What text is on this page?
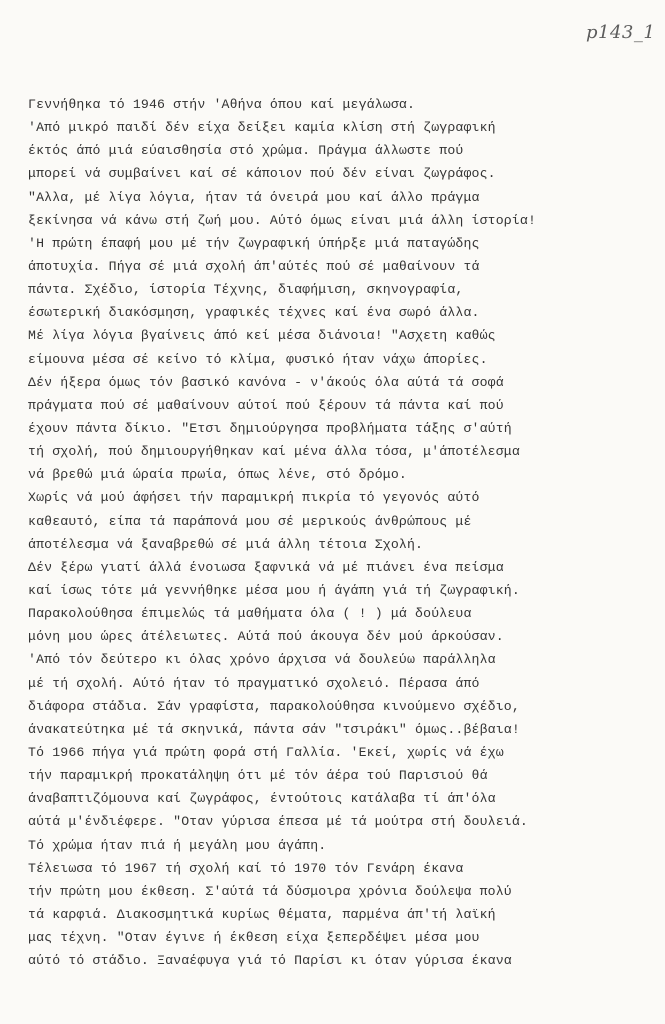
p143_1
Γεννήθηκα τό 1946 στήν 'Αθήνα όπου καί μεγάλωσα.
'Από μικρό παιδί δέν είχα δείξει καμία κλίση στή ζωγραφική
έκτός άπό μιά εύαισθησία στό χρώμα. Πράγμα άλλωστε πού
μπορεί νά συμβαίνει καί σέ κάποιον πού δέν είναι ζωγράφος.
"Αλλα, μέ λίγα λόγια, ήταν τά όνειρά μου καί άλλο πράγμα
ξεκίνησα νά κάνω στή ζωή μου. Αύτό όμως είναι μιά άλλη ίστορία!
'Η πρώτη έπαφή μου μέ τήν ζωγραφική ύπήρξε μιά παταγώδης
άποτυχία. Πήγα σέ μιά σχολή άπ'αύτές πού σέ μαθαίνουν τά
πάντα. Σχέδιο, ίστορία Τέχνης, διαφήμιση, σκηνογραφία,
έσωτερική διακόσμηση, γραφικές τέχνες καί ένα σωρό άλλα.
Μέ λίγα λόγια βγαίνεις άπό κεί μέσα διάνοια! "Ασχετη καθώς
είμουνα μέσα σέ κείνο τό κλίμα, φυσικό ήταν νάχω άπορίες.
Δέν ήξερα όμως τόν βασικό κανόνα - ν'άκούς όλα αύτά τά σοφά
πράγματα πού σέ μαθαίνουν αύτοί πού ξέρουν τά πάντα καί πού
έχουν πάντα δίκιο. "Ετσι δημιούργησα προβλήματα τάξης σ'αύτή
τή σχολή, πού δημιουργήθηκαν καί μένα άλλα τόσα, μ'άποτέλεσμα
νά βρεθώ μιά ώραία πρωία, όπως λένε, στό δρόμο.
Χωρίς νά μού άφήσει τήν παραμικρή πικρία τό γεγονός αύτό
καθεαυτό, είπα τά παράπονά μου σέ μερικούς άνθρώπους μέ
άποτέλεσμα νά ξαναβρεθώ σέ μιά άλλη τέτοια Σχολή.
Δέν ξέρω γιατί άλλά ένοιωσα ξαφνικά νά μέ πιάνει ένα πείσμα
καί ίσως τότε μά γεννήθηκε μέσα μου ή άγάπη γιά τή ζωγραφική.
Παρακολούθησα έπιμελώς τά μαθήματα όλα ( ! ) μά δούλευα
μόνη μου ώρες άτέλειωτες. Αύτά πού άκουγα δέν μού άρκούσαν.
'Από τόν δεύτερο κι όλας χρόνο άρχισα νά δουλεύω παράλληλα
μέ τή σχολή. Αύτό ήταν τό πραγματικό σχολειό. Πέρασα άπό
διάφορα στάδια. Σάν γραφίστα, παρακολούθησα κινούμενο σχέδιο,
άνακατεύτηκα μέ τά σκηνικά, πάντα σάν "τσιράκι" όμως..βέβαια!
Τό 1966 πήγα γιά πρώτη φορά στή Γαλλία. 'Εκεί, χωρίς νά έχω
τήν παραμικρή προκατάληψη ότι μέ τόν άέρα τού Παρισιού θά
άναβαπτιζόμουνα καί ζωγράφος, έντούτοις κατάλαβα τί άπ'όλα
αύτά μ'ένδιέφερε. "Οταν γύρισα έπεσα μέ τά μούτρα στή δουλειά.
Τό χρώμα ήταν πιά ή μεγάλη μου άγάπη.
Τέλειωσα τό 1967 τή σχολή καί τό 1970 τόν Γενάρη έκανα
τήν πρώτη μου έκθεση. Σ'αύτά τά δύσμοιρα χρόνια δούλεψα πολύ
τά καρφιά. Διακοσμητικά κυρίως θέματα, παρμένα άπ'τή λαϊκή
μας τέχνη. "Οταν έγινε ή έκθεση είχα ξεπερδέψει μέσα μου
αύτό τό στάδιο. Ξαναέφυγα γιά τό Παρίσι κι όταν γύρισα έκανα
